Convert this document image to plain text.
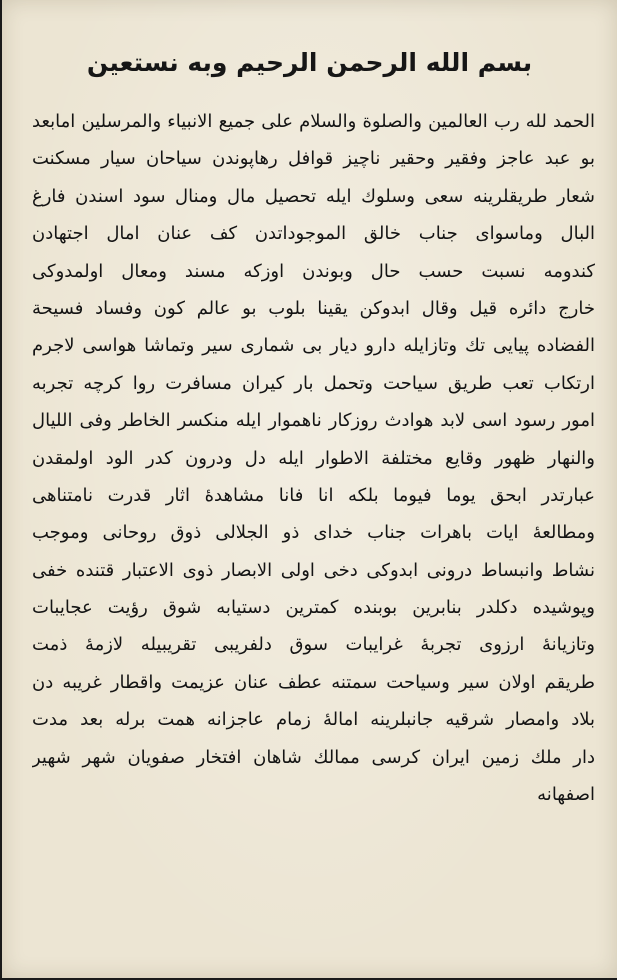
بسم الله الرحمن الرحيم وبه نستعين
الحمد لله رب العالمين والصلوة والسلام على جميع الانبياء والمرسلين امابعد
بو عبد عاجز وفقير وحقير ناچيز قوافل رهاپوندن سياحان سيار مسكنت
شعار طريقلرينه سعى وسلوك ايله تحصيل مال ومنال سود اسندن فارغ
البال وماسواى جناب خالق الموجوداتدن كف عنان امال اجتهادن
كندومه نسبت حسب حال وبوندن اوزكه مسند ومعال اولمدوكى
خارج دائره قيل وقال ابدوكن يقينا بلوب بو عالم كون وفساد فسيحة
الفضاده پيايى تك وتازايله دارو ديار بى شمارى سير وتماشا هواسى لاجرم
ارتكاب تعب طريق سياحت وتحمل بار كيران مسافرت روا كرچه تجربه
امور رسود اسى لابد هوادث روزكار ناهموار ايله منكسر الخاطر وفى الليال
والنهار ظهور وقايع مختلفة الاطوار ايله دل ودرون كدر الود اولمقدن
عبارتدر ابحق يوما فيوما بلكه انا فانا مشاهدهٔ اثار قدرت نامتناهى
ومطالعهٔ ايات باهرات جناب خداى ذو الجلالى ذوق روحانى وموجب
نشاط وانبساط درونى ابدوكى دخى اولى الابصار ذوى الاعتبار قتنده خفى
وپوشيده دكلدر بنابرين بوبنده كمترين دستيابه شوق رؤيت عجايبات
وتازيانهٔ ارزوى تجربهٔ غرايبات سوق دلفريبى تقريبيله لازمهٔ ذمت
طريقم اولان سير وسياحت سمتنه عطف عنان عزيمت واقطار غريبه دن
بلاد وامصار شرقيه جانبلرينه امالهٔ زمام عاجزانه همت برله بعد مدت
دار ملك زمين ايران كرسى ممالك شاهان افتخار صفويان شهر شهير
اصفهانه
